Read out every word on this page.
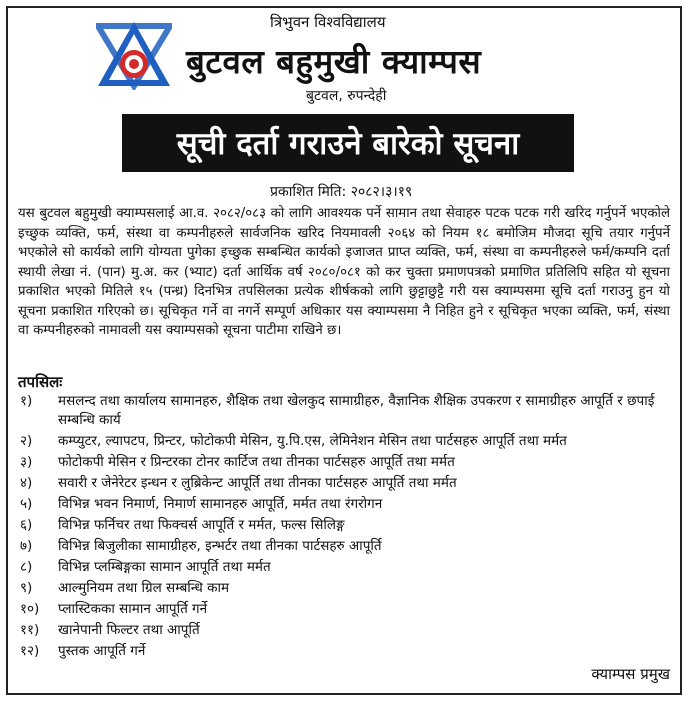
त्रिभुवन विश्वविद्यालय
बुटवल बहुमुखी क्याम्पस
बुटवल, रुपन्देही
सूची दर्ता गराउने बारेको सूचना
प्रकाशित मिति: २०८२।३।१९
यस बुटवल बहुमुखी क्याम्पसलाई आ.व. २०८२/०८३ को लागि आवश्यक पर्ने सामान तथा सेवाहरु पटक पटक गरी खरिद गर्नुपर्ने भएकोले इच्छुक व्यक्ति, फर्म, संस्था वा कम्पनीहरुले सार्वजनिक खरिद नियमावली २०६४ को नियम १८ बमोजिम मौजदा सूचि तयार गर्नुपर्ने भएकोले सो कार्यको लागि योग्यता पुगेका इच्छुक सम्बन्धित कार्यको इजाजत प्राप्त व्यक्ति, फर्म, संस्था वा कम्पनीहरुले फर्म/कम्पनि दर्ता स्थायी लेखा नं. (पान) मु.अ. कर (भ्याट) दर्ता आर्थिक वर्ष २०८०/०८१ को कर चुक्ता प्रमाणपत्रको प्रमाणित प्रतिलिपि सहित यो सूचना प्रकाशित भएको मितिले १५ (पन्ध्र) दिनभित्र तपसिलका प्रत्येक शीर्षकको लागि छुट्टाछुट्टै गरी यस क्याम्पसमा सूचि दर्ता गराउनु हुन यो सूचना प्रकाशित गरिएको छ। सूचिकृत गर्ने वा नगर्ने सम्पूर्ण अधिकार यस क्याम्पसमा नै निहित हुने र सूचिकृत भएका व्यक्ति, फर्म, संस्था वा कम्पनीहरुको नामावली यस क्याम्पसको सूचना पाटीमा राखिने छ।
तपसिलः
१)	मसलन्द तथा कार्यालय सामानहरु, शैक्षिक तथा खेलकुद सामाग्रीहरु, वैज्ञानिक शैक्षिक उपकरण र सामाग्रीहरु आपूर्ति र छपाई सम्बन्धि कार्य
२)	कम्प्युटर, ल्यापटप, प्रिन्टर, फोटोकपी मेसिन, यु.पि.एस, लेमिनेशन मेसिन तथा पार्टसहरु आपूर्ति तथा मर्मत
३)	फोटोकपी मेसिन र प्रिन्टरका टोनर कार्टिज तथा तीनका पार्टसहरु आपूर्ति तथा मर्मत
४)	सवारी र जेनेरेटर इन्धन र लुब्रिकेन्ट आपूर्ति तथा तीनका पार्टसहरु आपूर्ति तथा मर्मत
५)	विभिन्न भवन निमार्ण, निमार्ण सामानहरु आपूर्ति, मर्मत तथा रंगरोगन
६)	विभिन्न फर्निचर तथा फिक्चर्स आपूर्ति र मर्मत, फल्स सिलिङ्ग
७)	विभिन्न बिजुलीका सामाग्रीहरु, इन्भर्टर तथा तीनका पार्टसहरु आपूर्ति
८)	विभिन्न प्लम्बिङ्गका सामान आपूर्ति तथा मर्मत
९)	आल्मुनियम तथा ग्रिल सम्बन्धि काम
१०)	प्लास्टिकका सामान आपूर्ति गर्ने
११)	खानेपानी फिल्टर तथा आपूर्ति
१२)	पुस्तक आपूर्ति गर्ने
क्याम्पस प्रमुख
